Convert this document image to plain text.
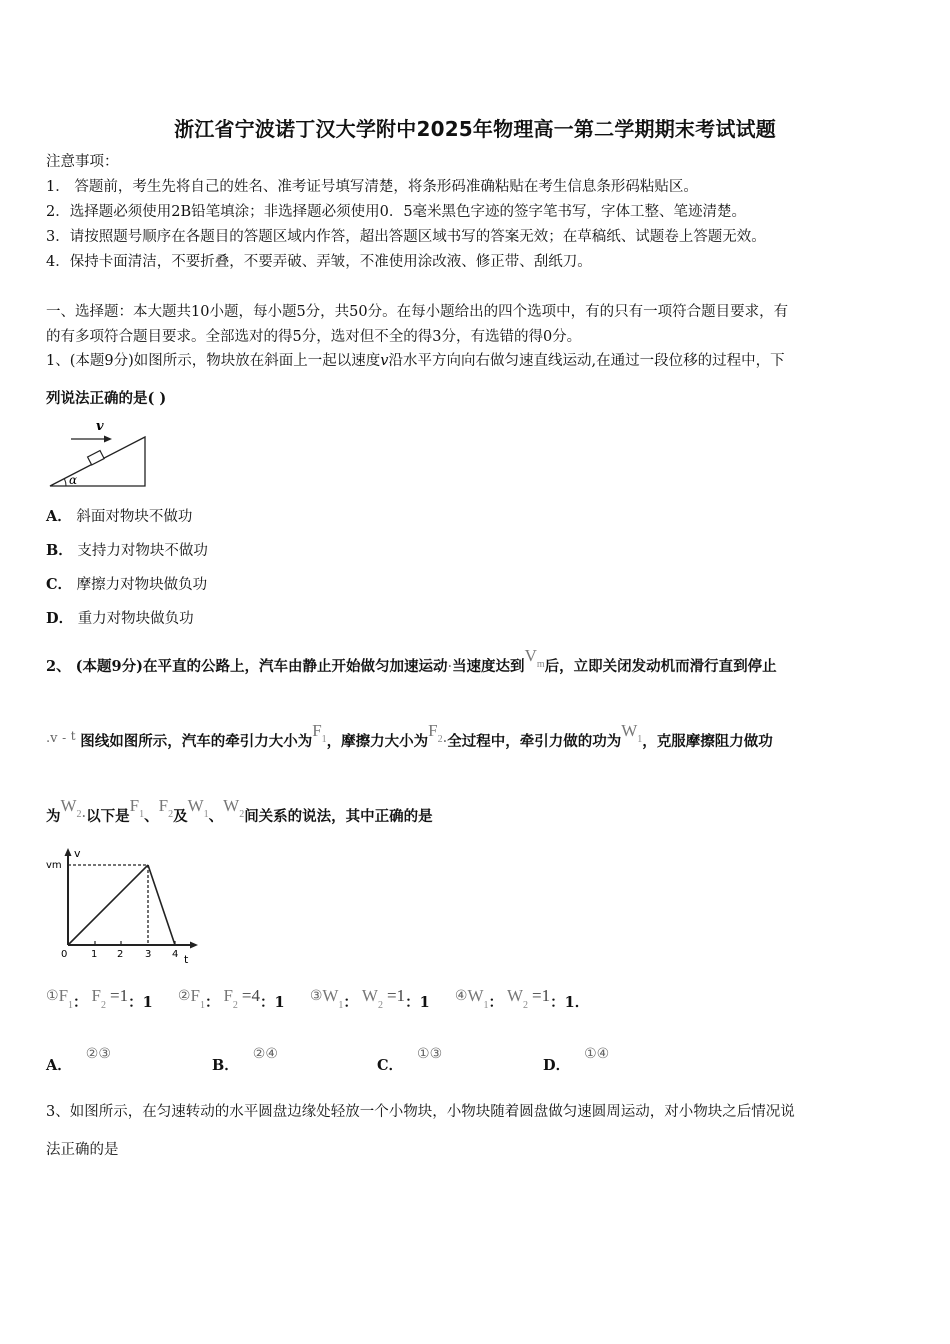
浙江省宁波诺丁汉大学附中2025年物理高一第二学期期末考试试题
注意事项：
1． 答题前，考生先将自己的姓名、准考证号填写清楚，将条形码准确粘贴在考生信息条形码粘贴区。
2．选择题必须使用2B铅笔填涂；非选择题必须使用0．5毫米黑色字迹的签字笔书写，字体工整、笔迹清楚。
3．请按照题号顺序在各题目的答题区域内作答，超出答题区域书写的答案无效；在草稿纸、试题卷上答题无效。
4．保持卡面清洁，不要折叠，不要弄破、弄皱，不准使用涂改液、修正带、刮纸刀。
一、选择题：本大题共10小题，每小题5分，共50分。在每小题给出的四个选项中，有的只有一项符合题目要求，有
的有多项符合题目要求。全部选对的得5分，选对但不全的得3分，有选错的得0分。
1、(本题9分)如图所示，物块放在斜面上一起以速度v沿水平方向向右做匀速直线运动,在通过一段位移的过程中，下
列说法正确的是( )
v
α
A． 斜面对物块不做功
B． 支持力对物块不做功
C． 摩擦力对物块做负功
D． 重力对物块做负功
2、 (本题9分)在平直的公路上，汽车由静止开始做匀加速运动·当速度达到$V^m$后，立即关闭发动机而滑行直到停止
.v - $^t$ 图线如图所示，汽车的牵引力大小为$F^1$，摩擦力大小为$F^2\cdot$全过程中，牵引力做的功为$W^1$，克服摩擦阻力做功
为$W^2\cdot$以下是$F^1$、$F^2$及$W^1$、$W^2$间关系的说法，其中正确的是
v
vm
0 1 2 3 4 t
$①F_1$： $F_2=1$：1 $②F_1$： $F_2=4$：1 $③W_1$： $W_2=1$：1 $④W_1$： $W_2=1$：1．
A．②③
B．②④
C．①③
D．①④
3、如图所示，在匀速转动的水平圆盘边缘处轻放一个小物块，小物块随着圆盘做匀速圆周运动，对小物块之后情况说
法正确的是
